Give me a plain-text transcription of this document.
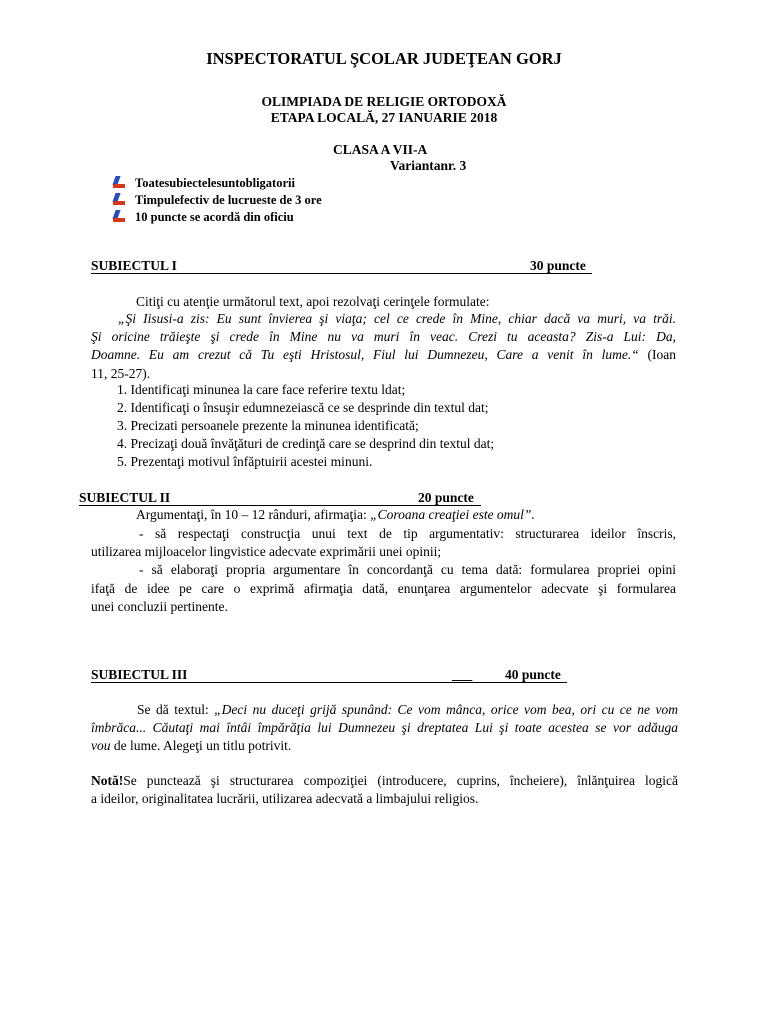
INSPECTORATUL ŞCOLAR JUDEŢEAN GORJ
OLIMPIADA DE RELIGIE ORTODOXĂ
ETAPA LOCALĂ, 27 IANUARIE 2018
CLASA A VII-A
Variantanr. 3
Toatesubiectelesuntobligatorii
Timpulefectiv de lucrueste de 3 ore
10 puncte se acordă din oficiu
SUBIECTUL I	30 puncte
Citiţi cu atenţie următorul text, apoi rezolvaţi cerinţele formulate:
„Şi Iisusi-a zis: Eu sunt învierea şi viaţa; cel ce crede în Mine, chiar dacă va muri, va trăi.
Şi oricine trăieşte şi crede în Mine nu va muri în veac. Crezi tu aceasta? Zis-a Lui: Da,
Doamne. Eu am crezut că Tu eşti Hristosul, Fiul lui Dumnezeu, Care a venit în lume.“ (Ioan
11, 25-27).
1. Identificaţi minunea la care face referire textu ldat;
2. Identificaţi o însuşir edumnezeiască ce se desprinde din textul dat;
3. Precizati persoanele prezente la minunea identificată;
4. Precizaţi două învăţături de credinţă care se desprind din textul dat;
5. Prezentaţi motivul înfăptuirii acestei minuni.
SUBIECTUL II	20 puncte
Argumentaţi, în 10 – 12 rânduri, afirmaţia: „Coroana creaţiei este omul”.
- să respectaţi construcţia unui text de tip argumentativ: structurarea ideilor înscris,
utilizarea mijloacelor lingvistice adecvate exprimării unei opinii;
- să elaboraţi propria argumentare în concordanţă cu tema dată: formularea propriei opini
ifaţă de idee pe care o exprimă afirmaţia dată, enunţarea argumentelor adecvate şi formularea
unei concluzii pertinente.
SUBIECTUL III	___ 40 puncte
Se dă textul: „Deci nu duceţi grijă spunând: Ce vom mânca, orice vom bea, ori cu ce ne vom
îmbrăca... Căutaţi mai întâi împărăţia lui Dumnezeu şi dreptatea Lui şi toate acestea se vor adăuga
vou de lume. Alegeţi un titlu potrivit.
Notă!Se punctează şi structurarea compoziţiei (introducere, cuprins, încheiere), înlănţuirea logică
a ideilor, originalitatea lucrării, utilizarea adecvată a limbajului religios.
